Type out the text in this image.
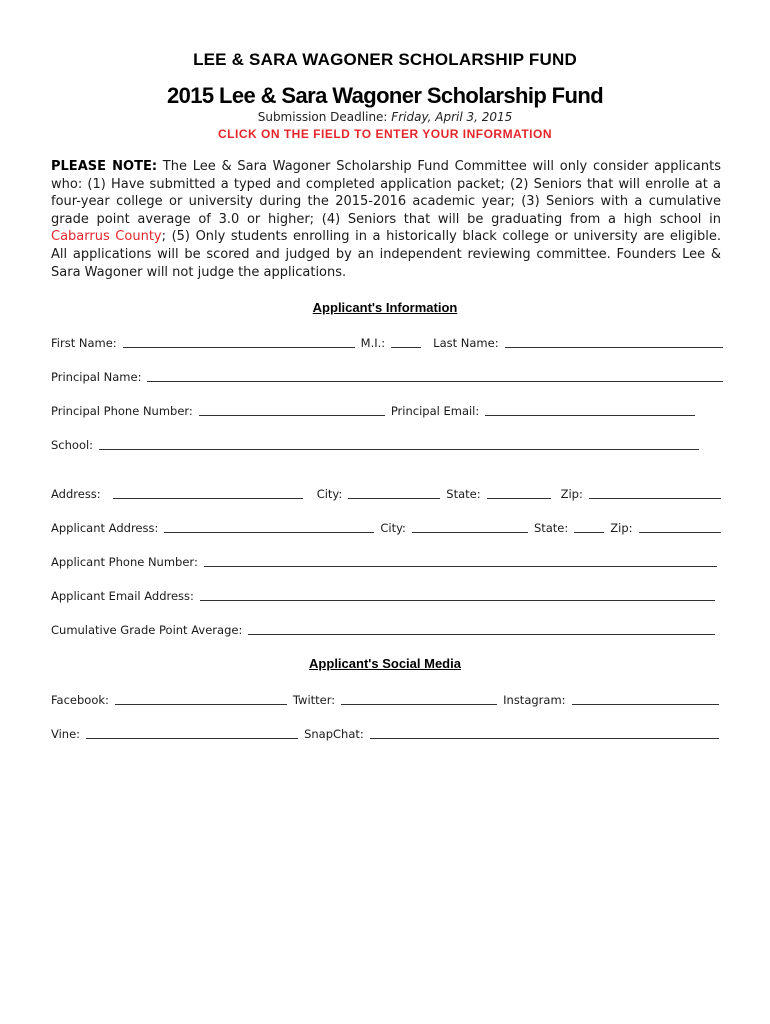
LEE & SARA WAGONER SCHOLARSHIP FUND
2015 Lee & Sara Wagoner Scholarship Fund
Submission Deadline: Friday, April 3, 2015
CLICK ON THE FIELD TO ENTER YOUR INFORMATION
PLEASE NOTE: The Lee & Sara Wagoner Scholarship Fund Committee will only consider applicants who: (1) Have submitted a typed and completed application packet; (2) Seniors that will enrolle at a four-year college or university during the 2015-2016 academic year; (3) Seniors with a cumulative grade point average of 3.0 or higher; (4) Seniors that will be graduating from a high school in Cabarrus County; (5) Only students enrolling in a historically black college or university are eligible. All applications will be scored and judged by an independent reviewing committee. Founders Lee & Sara Wagoner will not judge the applications.
Applicant's Information
First Name:	M.I.:	Last Name:
Principal Name:
Principal Phone Number:	Principal Email:
School:
Address:	City:	State:	Zip:
Applicant Address:	City:	State:	Zip:
Applicant Phone Number:
Applicant Email Address:
Cumulative Grade Point Average:
Applicant's Social Media
Facebook:	Twitter:	Instagram:
Vine:	SnapChat:
